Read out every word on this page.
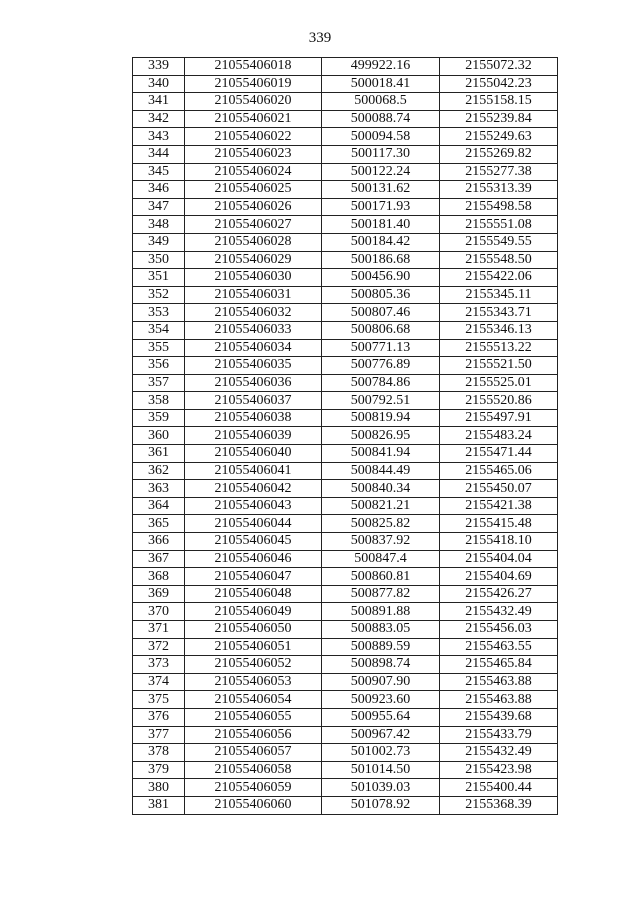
339
339	21055406018	499922.16	2155072.32
340	21055406019	500018.41	2155042.23
341	21055406020	500068.5	2155158.15
342	21055406021	500088.74	2155239.84
343	21055406022	500094.58	2155249.63
344	21055406023	500117.30	2155269.82
345	21055406024	500122.24	2155277.38
346	21055406025	500131.62	2155313.39
347	21055406026	500171.93	2155498.58
348	21055406027	500181.40	2155551.08
349	21055406028	500184.42	2155549.55
350	21055406029	500186.68	2155548.50
351	21055406030	500456.90	2155422.06
352	21055406031	500805.36	2155345.11
353	21055406032	500807.46	2155343.71
354	21055406033	500806.68	2155346.13
355	21055406034	500771.13	2155513.22
356	21055406035	500776.89	2155521.50
357	21055406036	500784.86	2155525.01
358	21055406037	500792.51	2155520.86
359	21055406038	500819.94	2155497.91
360	21055406039	500826.95	2155483.24
361	21055406040	500841.94	2155471.44
362	21055406041	500844.49	2155465.06
363	21055406042	500840.34	2155450.07
364	21055406043	500821.21	2155421.38
365	21055406044	500825.82	2155415.48
366	21055406045	500837.92	2155418.10
367	21055406046	500847.4	2155404.04
368	21055406047	500860.81	2155404.69
369	21055406048	500877.82	2155426.27
370	21055406049	500891.88	2155432.49
371	21055406050	500883.05	2155456.03
372	21055406051	500889.59	2155463.55
373	21055406052	500898.74	2155465.84
374	21055406053	500907.90	2155463.88
375	21055406054	500923.60	2155463.88
376	21055406055	500955.64	2155439.68
377	21055406056	500967.42	2155433.79
378	21055406057	501002.73	2155432.49
379	21055406058	501014.50	2155423.98
380	21055406059	501039.03	2155400.44
381	21055406060	501078.92	2155368.39
